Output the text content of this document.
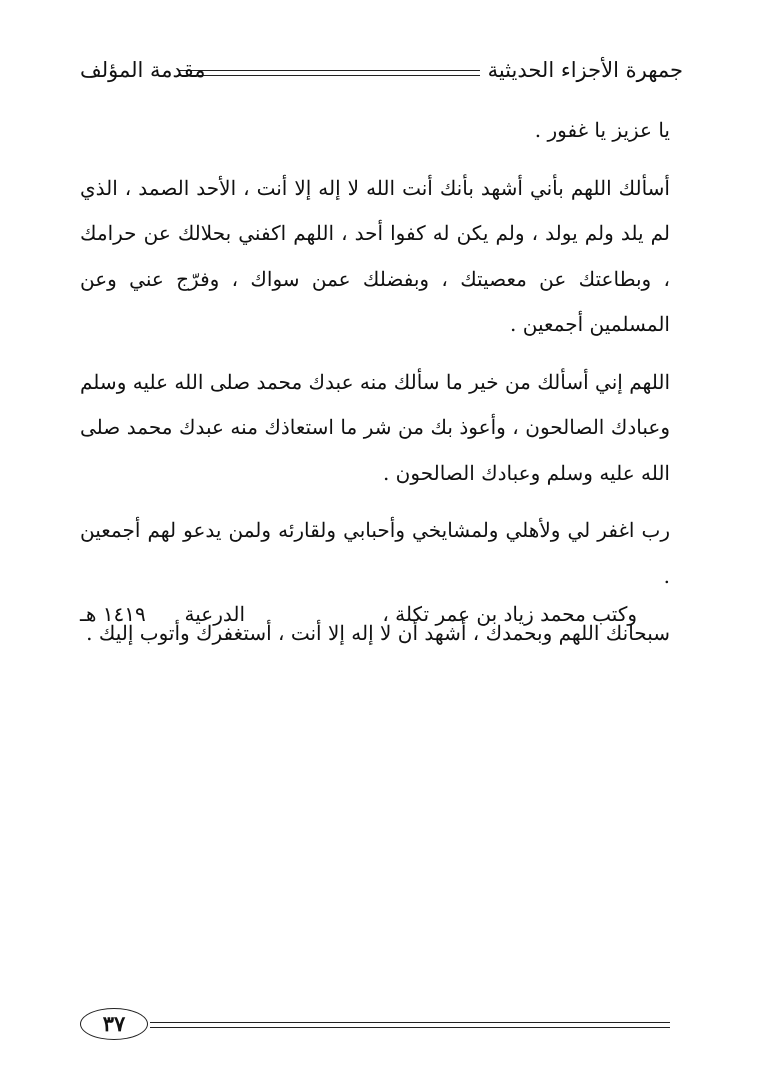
جمهرة الأجزاء الحديثية
مقدمة المؤلف

يا عزيز يا غفور .

أسألك اللهم بأني أشهد بأنك أنت الله لا إله إلا أنت ، الأحد الصمد ، الذي لم يلد ولم يولد ، ولم يكن له كفوا أحد ، اللهم اكفني بحلالك عن حرامك ، وبطاعتك عن معصيتك ، وبفضلك عمن سواك ، وفرّج عني وعن المسلمين أجمعين .

اللهم إني أسألك من خير ما سألك منه عبدك محمد صلى الله عليه وسلم وعبادك الصالحون ، وأعوذ بك من شر ما استعاذك منه عبدك محمد صلى الله عليه وسلم وعبادك الصالحون .

رب اغفر لي ولأهلي ولمشايخي وأحبابي ولقارئه ولمن يدعو لهم أجمعين .

سبحانك اللهم وبحمدك ، أشهد أن لا إله إلا أنت ، أستغفرك وأتوب إليك .

وكتب محمد زياد بن عمر تكلة ،
الدرعية
١٤١٩ هـ
٣٧
